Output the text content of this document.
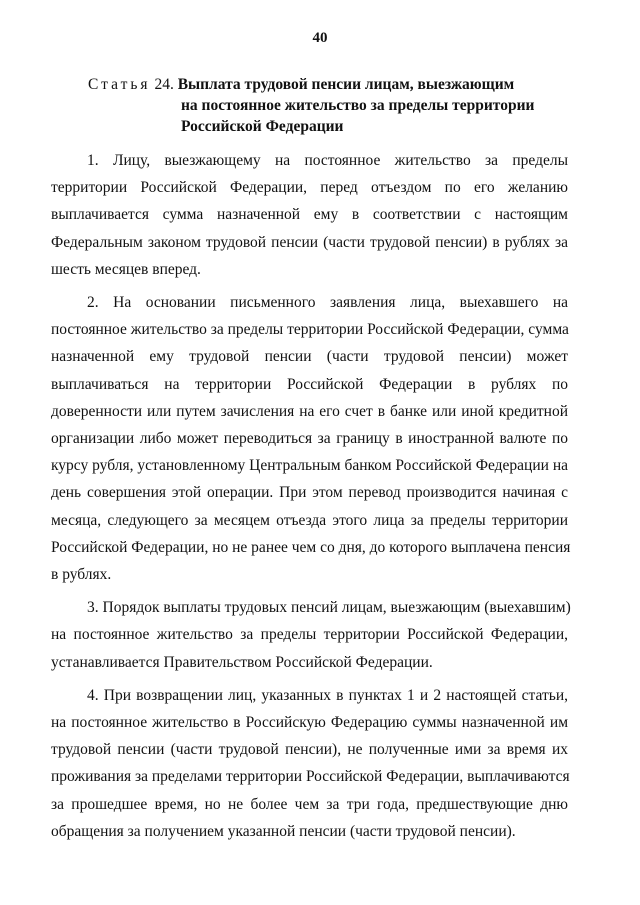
40
Статья 24. Выплата трудовой пенсии лицам, выезжающим
на постоянное жительство за пределы территории
Российской Федерации
1. Лицу, выезжающему на постоянное жительство за пределы
территории Российской Федерации, перед отъездом по его желанию
выплачивается сумма назначенной ему в соответствии с настоящим
Федеральным законом трудовой пенсии (части трудовой пенсии) в рублях за
шесть месяцев вперед.
2. На основании письменного заявления лица, выехавшего на
постоянное жительство за пределы территории Российской Федерации, сумма
назначенной ему трудовой пенсии (части трудовой пенсии) может
выплачиваться на территории Российской Федерации в рублях по
доверенности или путем зачисления на его счет в банке или иной кредитной
организации либо может переводиться за границу в иностранной валюте по
курсу рубля, установленному Центральным банком Российской Федерации на
день совершения этой операции. При этом перевод производится начиная с
месяца, следующего за месяцем отъезда этого лица за пределы территории
Российской Федерации, но не ранее чем со дня, до которого выплачена пенсия
в рублях.
3. Порядок выплаты трудовых пенсий лицам, выезжающим (выехавшим)
на постоянное жительство за пределы территории Российской Федерации,
устанавливается Правительством Российской Федерации.
4. При возвращении лиц, указанных в пунктах 1 и 2 настоящей статьи,
на постоянное жительство в Российскую Федерацию суммы назначенной им
трудовой пенсии (части трудовой пенсии), не полученные ими за время их
проживания за пределами территории Российской Федерации, выплачиваются
за прошедшее время, но не более чем за три года, предшествующие дню
обращения за получением указанной пенсии (части трудовой пенсии).
